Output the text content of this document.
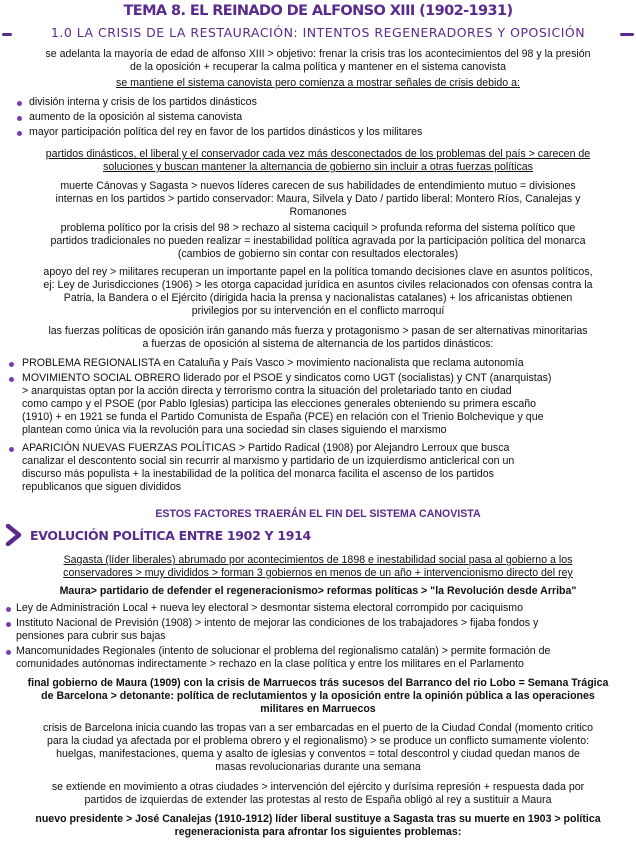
TEMA 8. EL REINADO DE ALFONSO XIII (1902-1931)
1.0 LA CRISIS DE LA RESTAURACIÓN: INTENTOS REGENERADORES Y OPOSICIÓN
se adelanta la mayoría de edad de alfonso XIII > objetivo: frenar la crisis tras los acontecimientos del 98 y la presión
de la oposición + recuperar la calma política y mantener en el sistema canovista
se mantiene el sistema canovista pero comienza a mostrar señales de crisis debido a:
división interna y crisis de los partidos dinásticos
aumento de la oposición al sistema canovista
mayor participación política del rey en favor de los partidos dinásticos y los militares
partidos dinásticos, el liberal y el conservador cada vez más desconectados de los problemas del país > carecen de
soluciones y buscan mantener la alternancia de gobierno sin incluir a otras fuerzas políticas
muerte Cánovas y Sagasta > nuevos líderes carecen de sus habilidades de entendimiento mutuo = divisiones
internas en los partidos > partido conservador: Maura, Silvela y Dato / partido liberal: Montero Ríos, Canalejas y
Romanones
problema político por la crisis del 98 > rechazo al sistema caciquil > profunda reforma del sistema político que
partidos tradicionales no pueden realizar = inestabilidad política agravada por la participación política del monarca
(cambios de gobierno sin contar con resultados electorales)
apoyo del rey > militares recuperan un importante papel en la política tomando decisiones clave en asuntos políticos,
ej: Ley de Jurisdicciones (1906) > les otorga capacidad jurídica en asuntos civiles relacionados con ofensas contra la
Patria, la Bandera o el Ejército (dirigida hacia la prensa y nacionalistas catalanes) + los africanistas obtienen
privilegios por su intervención en el conflicto marroquí
las fuerzas políticas de oposición irán ganando más fuerza y protagonismo > pasan de ser alternativas minoritarias
a fuerzas de oposición al sistema de alternancia de los partidos dinásticos:
PROBLEMA REGIONALISTA en Cataluña y País Vasco > movimiento nacionalista que reclama autonomía
MOVIMIENTO SOCIAL OBRERO liderado por el PSOE y sindicatos como UGT (socialistas) y CNT (anarquistas)
> anarquistas optan por la acción directa y terrorismo contra la situación del proletariado tanto en ciudad
como campo y el PSOE (por Pablo Iglesias) participa las elecciones generales obteniendo su primera escaño
(1910) + en 1921 se funda el Partido Comunista de España (PCE) en relación con el Trienio Bolchevique y que
plantean como única via la revolución para una sociedad sin clases siguiendo el marxismo
APARICIÓN NUEVAS FUERZAS POLÍTICAS > Partido Radical (1908) por Alejandro Lerroux que busca
canalizar el descontento social sin recurrir al marxismo y partidario de un izquierdismo anticlerical con un
discurso más populista + la inestabilidad de la política del monarca facilita el ascenso de los partidos
republicanos que siguen divididos
ESTOS FACTORES TRAERÁN EL FIN DEL SISTEMA CANOVISTA
EVOLUCIÓN POLÍTICA ENTRE 1902 Y 1914
Sagasta (líder liberales) abrumado por acontecimientos de 1898 e inestabilidad social pasa al gobierno a los
conservadores > muy divididos > forman 3 gobiernos en menos de un año + intervencionismo directo del rey
Maura> partidario de defender el regeneracionismo> reformas políticas > "la Revolución desde Arriba"
Ley de Administración Local + nueva ley electoral > desmontar sistema electoral corrompido por caciquismo
Instituto Nacional de Previsión (1908) > intento de mejorar las condiciones de los trabajadores > fijaba fondos y
pensiones para cubrir sus bajas
Mancomunidades Regionales (intento de solucionar el problema del regionalismo catalán) > permite formación de
comunidades autónomas indirectamente > rechazo en la clase política y entre los militares en el Parlamento
final gobierno de Maura (1909) con la crisis de Marruecos trás sucesos del Barranco del rio Lobo = Semana Trágica
de Barcelona > detonante: política de reclutamientos y la oposición entre la opinión pública a las operaciones
militares en Marruecos
crisis de Barcelona inicia cuando las tropas van a ser embarcadas en el puerto de la Ciudad Condal (momento critico
para la ciudad ya afectada por el problema obrero y el regionalismo) > se produce un conflicto sumamente violento:
huelgas, manifestaciones, quema y asalto de iglesias y conventos = total descontrol y ciudad quedan manos de
masas revolucionarias durante una semana
se extiende en movimiento a otras ciudades > intervención del ejército y durísima represión + respuesta dada por
partidos de izquierdas de extender las protestas al resto de España obligó al rey a sustituir a Maura
nuevo presidente > José Canalejas (1910-1912) líder liberal sustituye a Sagasta tras su muerte en 1903 > política
regeneracionista para afrontar los siguientes problemas:
